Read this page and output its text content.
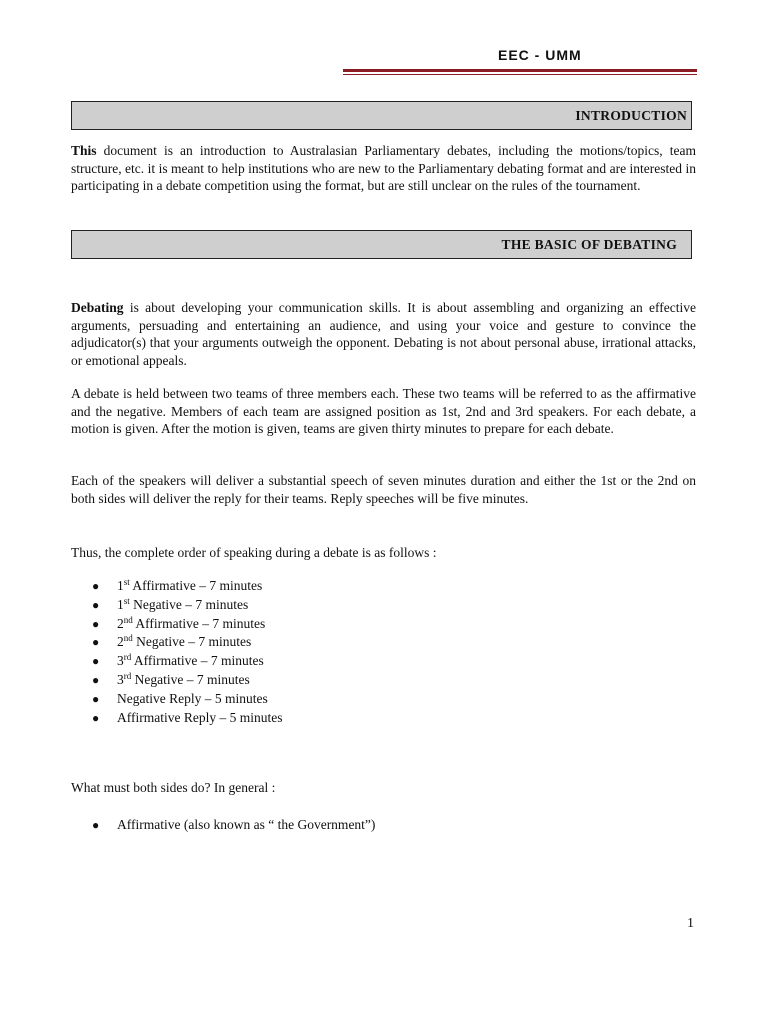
EEC - UMM
INTRODUCTION

This document is an introduction to Australasian Parliamentary debates, including the motions/topics, team structure, etc. it is meant to help institutions who are new to the Parliamentary debating format and are interested in participating in a debate competition using the format, but are still unclear on the rules of the tournament.

THE BASIC OF DEBATING

Debating is about developing your communication skills. It is about assembling and organizing an effective arguments, persuading and entertaining an audience, and using your voice and gesture to convince the adjudicator(s) that your arguments outweigh the opponent. Debating is not about personal abuse, irrational attacks, or emotional appeals.

A debate is held between two teams of three members each. These two teams will be referred to as the affirmative and the negative. Members of each team are assigned position as 1st, 2nd and 3rd speakers. For each debate, a motion is given. After the motion is given, teams are given thirty minutes to prepare for each debate.

Each of the speakers will deliver a substantial speech of seven minutes duration and either the 1st or the 2nd on both sides will deliver the reply for their teams. Reply speeches will be five minutes.

Thus, the complete order of speaking during a debate is as follows :

● 1st Affirmative – 7 minutes
● 1st Negative – 7 minutes
● 2nd Affirmative – 7 minutes
● 2nd Negative – 7 minutes
● 3rd Affirmative – 7 minutes
● 3rd Negative – 7 minutes
● Negative Reply – 5 minutes
● Affirmative Reply – 5 minutes

What must both sides do? In general :

● Affirmative (also known as “ the Government”)
1
